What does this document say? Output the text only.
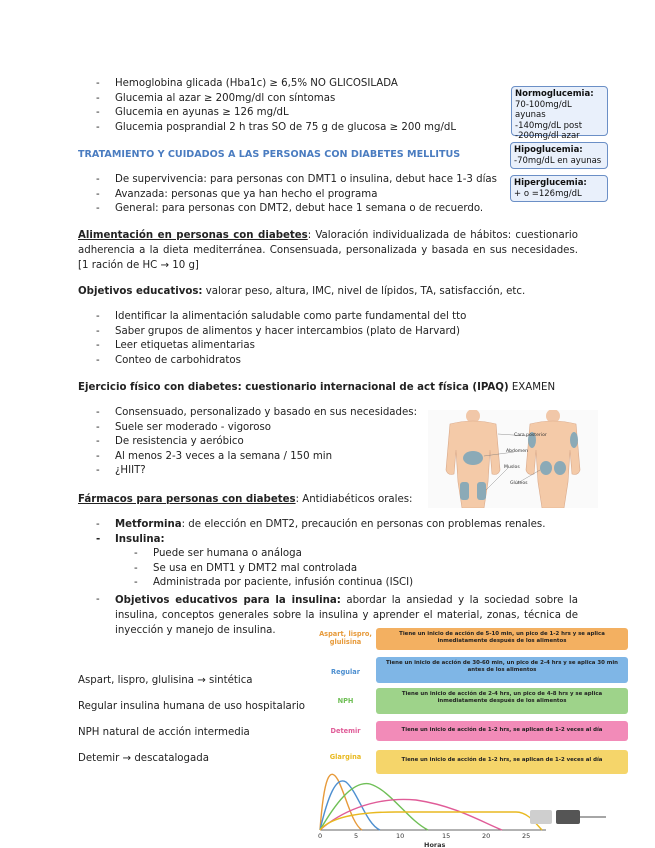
- Hemoglobina glicada (Hba1c) ≥ 6,5% NO GLICOSILADA
- Glucemia al azar ≥ 200mg/dl con síntomas
- Glucemia en ayunas ≥ 126 mg/dL
- Glucemia posprandial 2 h tras SO de 75 g de glucosa ≥ 200 mg/dL
Normoglucemia:
70-100mg/dL ayunas
-140mg/dL post
-200mg/dl azar
Hipoglucemia:
-70mg/dL en ayunas
Hiperglucemia:
+ o =126mg/dL
TRATAMIENTO Y CUIDADOS A LAS PERSONAS CON DIABETES MELLITUS
- De supervivencia: para personas con DMT1 o insulina, debut hace 1-3 días
- Avanzada: personas que ya han hecho el programa
- General: para personas con DMT2, debut hace 1 semana o de recuerdo.

Alimentación en personas con diabetes: Valoración individualizada de hábitos: cuestionario adherencia a la dieta mediterránea. Consensuada, personalizada y basada en sus necesidades. [1 ración de HC → 10 g]

Objetivos educativos: valorar peso, altura, IMC, nivel de lípidos, TA, satisfacción, etc.

- Identificar la alimentación saludable como parte fundamental del tto
- Saber grupos de alimentos y hacer intercambios (plato de Harvard)
- Leer etiquetas alimentarias
- Conteo de carbohidratos

Ejercicio físico con diabetes: cuestionario internacional de act física (IPAQ) EXAMEN

- Consensuado, personalizado y basado en sus necesidades:
- Suele ser moderado - vigoroso
- De resistencia y aeróbico
- Al menos 2-3 veces a la semana / 150 min
- ¿HIIT?
Cara posterior
Abdomen
Muslos
Glúteos

Fármacos para personas con diabetes: Antidiabéticos orales:

- Metformina: de elección en DMT2, precaución en personas con problemas renales.
- Insulina:
- Puede ser humana o análoga
- Se usa en DMT1 y DMT2 mal controlada
- Administrada por paciente, infusión continua (ISCI)
- Objetivos educativos para la insulina: abordar la ansiedad y la sociedad sobre la insulina, conceptos generales sobre la insulina y aprender el material, zonas, técnica de inyección y manejo de insulina.

Aspart, lispro, glulisina → sintética
Regular insulina humana de uso hospitalario
NPH natural de acción intermedia
Detemir → descatalogada
Aspart, lispro, glulisina
Tiene un inicio de acción de 5-10 min, un pico de 1-2 hrs y se aplica inmediatamente después de los alimentos
Regular
Tiene un inicio de acción de 30-60 min, un pico de 2-4 hrs y se aplica 30 min antes de los alimentos
NPH
Tiene un inicio de acción de 2-4 hrs, un pico de 4-8 hrs y se aplica inmediatamente después de los alimentos
Detemir	Tiene un inicio de acción de 1-2 hrs, se aplican de 1-2 veces al día
Glargina	Tiene un inicio de acción de 1-2 hrs, se aplican de 1-2 veces al día
0	5	10	15	20	25
Horas
